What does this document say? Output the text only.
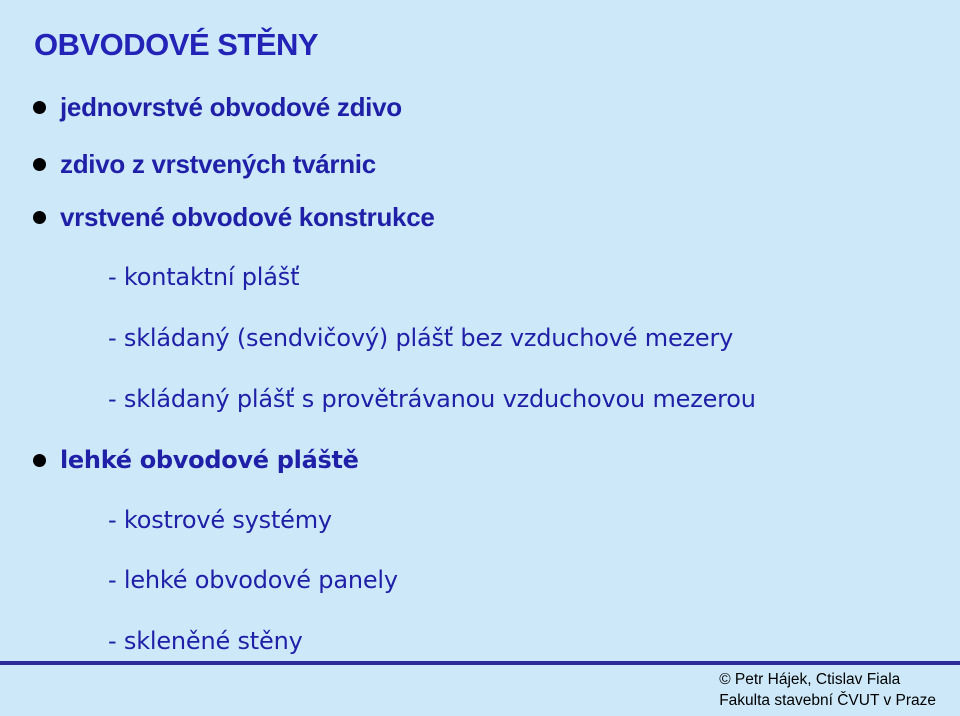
OBVODOVÉ STĚNY
jednovrstvé obvodové zdivo
zdivo z vrstvených tvárnic
vrstvené obvodové konstrukce
- kontaktní plášť
- skládaný (sendvičový) plášť bez vzduchové mezery
- skládaný plášť s provětrávanou vzduchovou mezerou
lehké obvodové pláště
- kostrové systémy
- lehké obvodové panely
- skleněné stěny
© Petr Hájek, Ctislav Fiala
Fakulta stavební ČVUT v Praze
